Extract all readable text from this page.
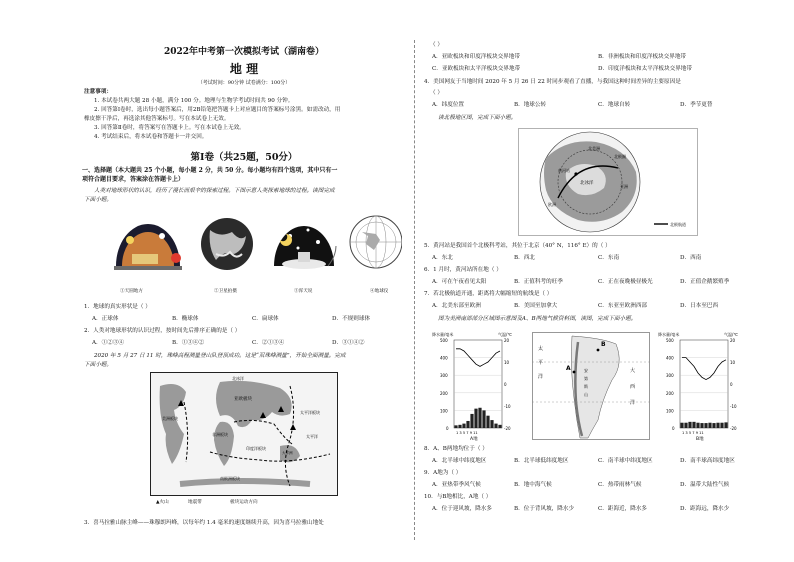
2022年中考第一次模拟考试（湖南卷）
地 理
（考试时间：90分钟 试卷满分：100分）
注意事项：
1. 本试卷共两大题 28 小题，满分 100 分。地理与生物学考试时间共 90 分钟。
2. 回答第Ⅰ卷时，选出每小题答案后，用2B铅笔把答题卡上对应题目的答案标号涂黑。如需改动，用
橡皮擦干净后，再选涂其他答案标号。写在本试卷上无效。
3. 回答第Ⅱ卷时，将答案写在答题卡上。写在本试卷上无效。
4. 考试结束后，将本试卷和答题卡一并交回。
第Ⅰ卷（共25题，50分）
一、选择题（本大题共 25 个小题，每小题 2 分，共 50 分。每小题均有四个选项，其中只有一
项符合题目要求，答案涂在答题卡上）
人类对地球形状的认识，经历了漫长而艰辛的探索过程。下图示意人类探索地球的过程。读图完成
下面小题。
①天圆地方	②卫星拍摄	③浑天说	④地球仪
1．地球的真实形状是（ ）
A．正球体	B．椭球体	C．扁球体	D．不规则球体
2．人类对地球形状的认识过程，按时间先后排序正确的是（ ）
A．①②③④	B．①③④②	C．②①③④	D．③①④②
2020 年 5 月 27 日 11 时，珠峰高程测量登山队登顶成功。这是“双珠峰测量”，开始全面测量。完成
下面小题。
北冰洋
亚欧板块
太平洋板块
美洲板块
非洲板块
印度洋板块
南极洲板块
大洋洲
太平洋
▲火山	地震带	板块运动方向
3．喜马拉雅山脉主峰——珠穆朗玛峰，以每年约 1.4 毫米的速度继续升高，因为喜马拉雅山地处
（ ）
A．亚欧板块和印度洋板块交界地带	B．非洲板块和印度洋板块交界地带
C．亚欧板块和太平洋板块交界地带	D．印度洋板块和太平洋板块交界地带
4．美国网友于当地时间 2020 年 5 月 26 日 22 时同步观看了直播，与我国这种时间差异的主要原因是
（ ）
A．纬度位置	B．地球公转	C．地球自转	D．季节更替
读北极地区图，完成下面小题。
北冰洋
黄河站
北极圈
亚洲
欧洲
北美洲
北极航道
5．黄河站是我国首个北极科考站，其位于北京（40° N，116° E）的（ ）
A．东北	B．西北	C．东南	D．西南
6．1 月时，黄河站所在地（ ）
A．可在午夜看见太阳	B．正值科考的旺季	C．正在夜晚极昼极光	D．正值企鹅繁殖季
7．若北极航道开通，距离将大幅缩短的航线是（ ）
A．北美东部至欧洲	B．美国至加拿大	C．东亚至欧洲西部	D．日本至巴西
图为美洲南部部分区域图示意图及A、B两地气候资料图，读图，完成下面小题。
降水量/毫米	气温/℃
500
400
300
200
100
0
20
10
0
-10
-20
1 3 5 7 9 11
A地
太
平
洋
大
西
洋
B
A	安
第
斯
山
降水量/毫米	气温/℃
500
400
300
200
100
0
20
10
0
-10
-20
1 3 5 7 9 11
B地
8．A、B两地均位于（ ）
A．北半球中纬度地区	B．北半球低纬度地区	C．南半球中纬度地区	D．南半球高纬度地区
9．A地为（ ）
A．亚热带季风气候	B．地中海气候	C．热带雨林气候	D．温带大陆性气候
10．与B地相比，A地（ ）
A．位于迎风坡，降水多	B．位于背风坡，降水少	C．距海近，降水多	D．距海远，降水少
